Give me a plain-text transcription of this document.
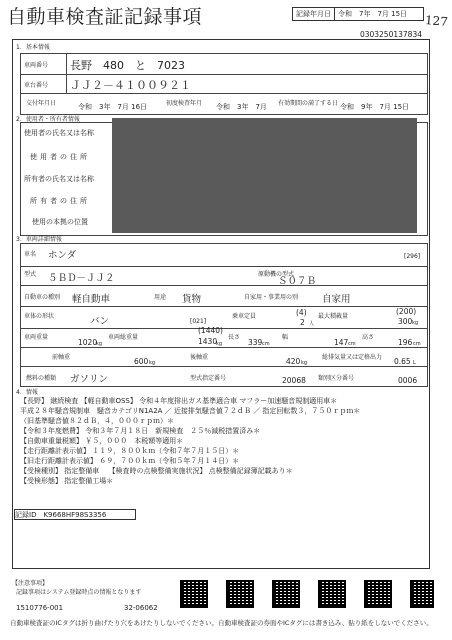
自動車検査証記録事項	記録年月日	令和　7年　7月 15日 127
0303250137834
1．基本情報
車両番号 長野　480　と　7023
車台番号 ＪＪ２－４１００９２１
交付年月日	令和　3年　7月 16日	初度検査年月 令和　3年　7月 有効期間の満了する日 令和　9年　7月 15日
2．使用者・所有者情報
使用者の氏名又は名称
使用者の住所
所有者の氏名又は名称
所有者の住所
使用の本拠の位置
3．車両詳細情報
車名 ホンダ	[296]
型式 ５ＢＤ－ＪＪ２	原動機の型式
Ｓ０７Ｂ
自動車の種別 軽自動車	用途 貨物	自家用・事業用の別	自家用
車体の形状	バン	[021]
乗車定員	(4)
2 人
最大積載量
(200)
300 kg
車両重量
1020
kg
車両総重量
(1440)
1430
kg
長さ
339 cm
幅
147 cm
高さ
196 cm
前軸重	600 kg
後軸重	420 kg
総排気量又は定格出力 0.65 L
燃料の種類 ガソリン	型式指定番号	20068 類別区分番号	0006
4．情報
【長野】 継続検査 【軽自動車OSS】 令和４年度排出ガス基準適合車 マフラー加速騒音規制適用車＊
平成２８年騒音規制車　騒音カテゴリN1A2A ／ 近接排気騒音値７２ｄＢ ／ 指定回転数３，７５０ｒｐｍ＊
（旧基準騒音値８２ｄＢ，４，０００ｒｐｍ）＊
【令和３年度燃費】 令和３年７月１８日　新規検査　２５％減税措置済み＊
【自動車重量税額】 ￥５，０００　本税額等適用＊
【走行距離計表示値】 １１９，８００ｋｍ（令和７年７月１５日）＊
【旧走行距離計表示値】 ６９，７００ｋｍ（令和５年７月１４日）＊
【受検種別】 指定整備車　 【検査時の点検整備実施状況】 点検整備記録簿記載あり＊
【受検形態】 指定整備工場＊
記録ID　K9668HF98S3356
【注意事項】
記録事項はシステム登録時点の情報となります
1510776-001	32-06062
自動車検査証のICタグは折り曲げたり穴をあけたりしないでください。自動車検査証の券面やICタグには書き込み、貼り紙をしないでください。
